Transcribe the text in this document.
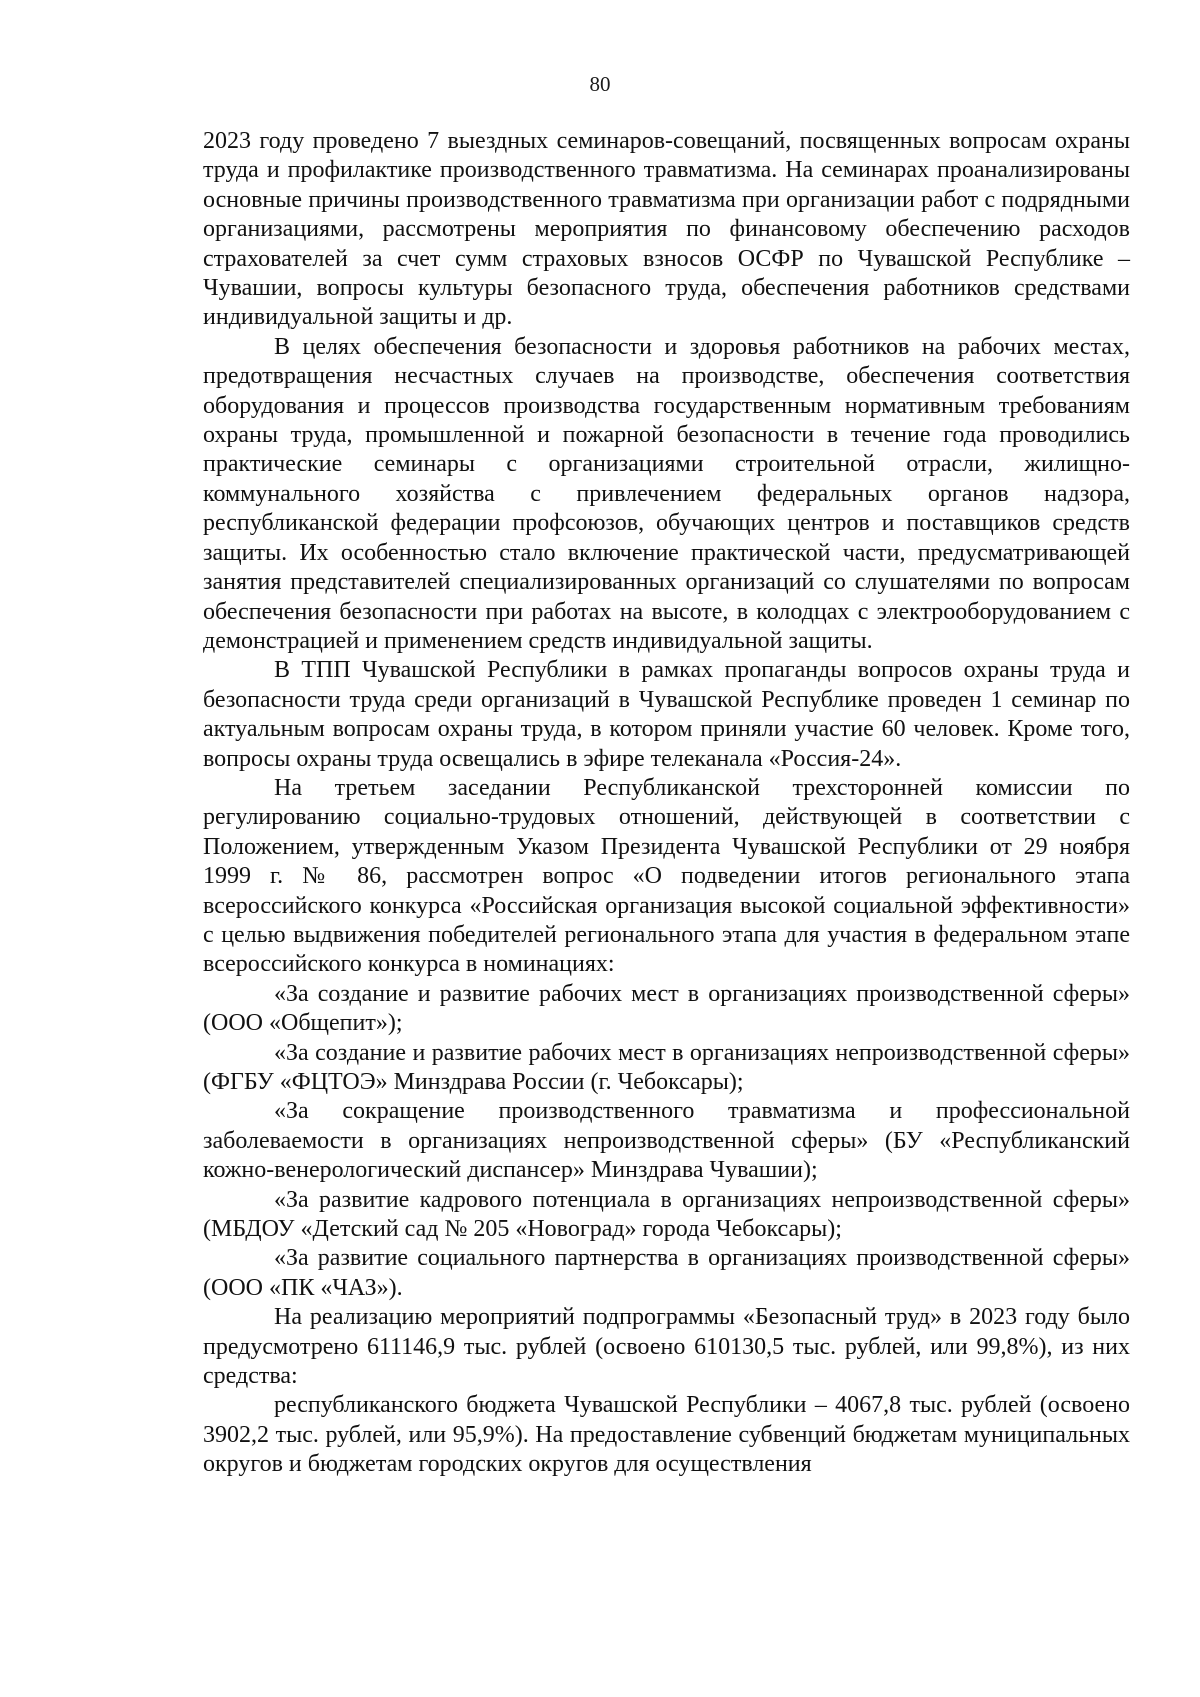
80

2023 году проведено 7 выездных семинаров-совещаний, посвященных вопросам охраны труда и профилактике производственного травматизма. На семинарах проанализированы основные причины производственного травматизма при организации работ с подрядными организациями, рассмотрены мероприятия по финансовому обеспечению расходов страхователей за счет сумм страховых взносов ОСФР по Чувашской Республике – Чувашии, вопросы культуры безопасного труда, обеспечения работников средствами индивидуальной защиты и др.

В целях обеспечения безопасности и здоровья работников на рабочих местах, предотвращения несчастных случаев на производстве, обеспечения соответствия оборудования и процессов производства государственным нормативным требованиям охраны труда, промышленной и пожарной безопасности в течение года проводились практические семинары с организациями строительной отрасли, жилищно-коммунального хозяйства с привлечением федеральных органов надзора, республиканской федерации профсоюзов, обучающих центров и поставщиков средств защиты. Их особенностью стало включение практической части, предусматривающей занятия представителей специализированных организаций со слушателями по вопросам обеспечения безопасности при работах на высоте, в колодцах с электрооборудованием с демонстрацией и применением средств индивидуальной защиты.

В ТПП Чувашской Республики в рамках пропаганды вопросов охраны труда и безопасности труда среди организаций в Чувашской Республике проведен 1 семинар по актуальным вопросам охраны труда, в котором приняли участие 60 человек. Кроме того, вопросы охраны труда освещались в эфире телеканала «Россия-24».

На третьем заседании Республиканской трехсторонней комиссии по регулированию социально-трудовых отношений, действующей в соответствии с Положением, утвержденным Указом Президента Чувашской Республики от 29 ноября 1999 г. № 86, рассмотрен вопрос «О подведении итогов регионального этапа всероссийского конкурса «Российская организация высокой социальной эффективности» с целью выдвижения победителей регионального этапа для участия в федеральном этапе всероссийского конкурса в номинациях:

«За создание и развитие рабочих мест в организациях производственной сферы» (ООО «Общепит»);

«За создание и развитие рабочих мест в организациях непроизводственной сферы» (ФГБУ «ФЦТОЭ» Минздрава России (г. Чебоксары);

«За сокращение производственного травматизма и профессиональной заболеваемости в организациях непроизводственной сферы» (БУ «Республиканский кожно-венерологический диспансер» Минздрава Чувашии);

«За развитие кадрового потенциала в организациях непроизводственной сферы» (МБДОУ «Детский сад № 205 «Новоград» города Чебоксары);

«За развитие социального партнерства в организациях производственной сферы» (ООО «ПК «ЧАЗ»).

На реализацию мероприятий подпрограммы «Безопасный труд» в 2023 году было предусмотрено 611146,9 тыс. рублей (освоено 610130,5 тыс. рублей, или 99,8%), из них средства:

республиканского бюджета Чувашской Республики – 4067,8 тыс. рублей (освоено 3902,2 тыс. рублей, или 95,9%). На предоставление субвенций бюджетам муниципальных округов и бюджетам городских округов для осуществления
